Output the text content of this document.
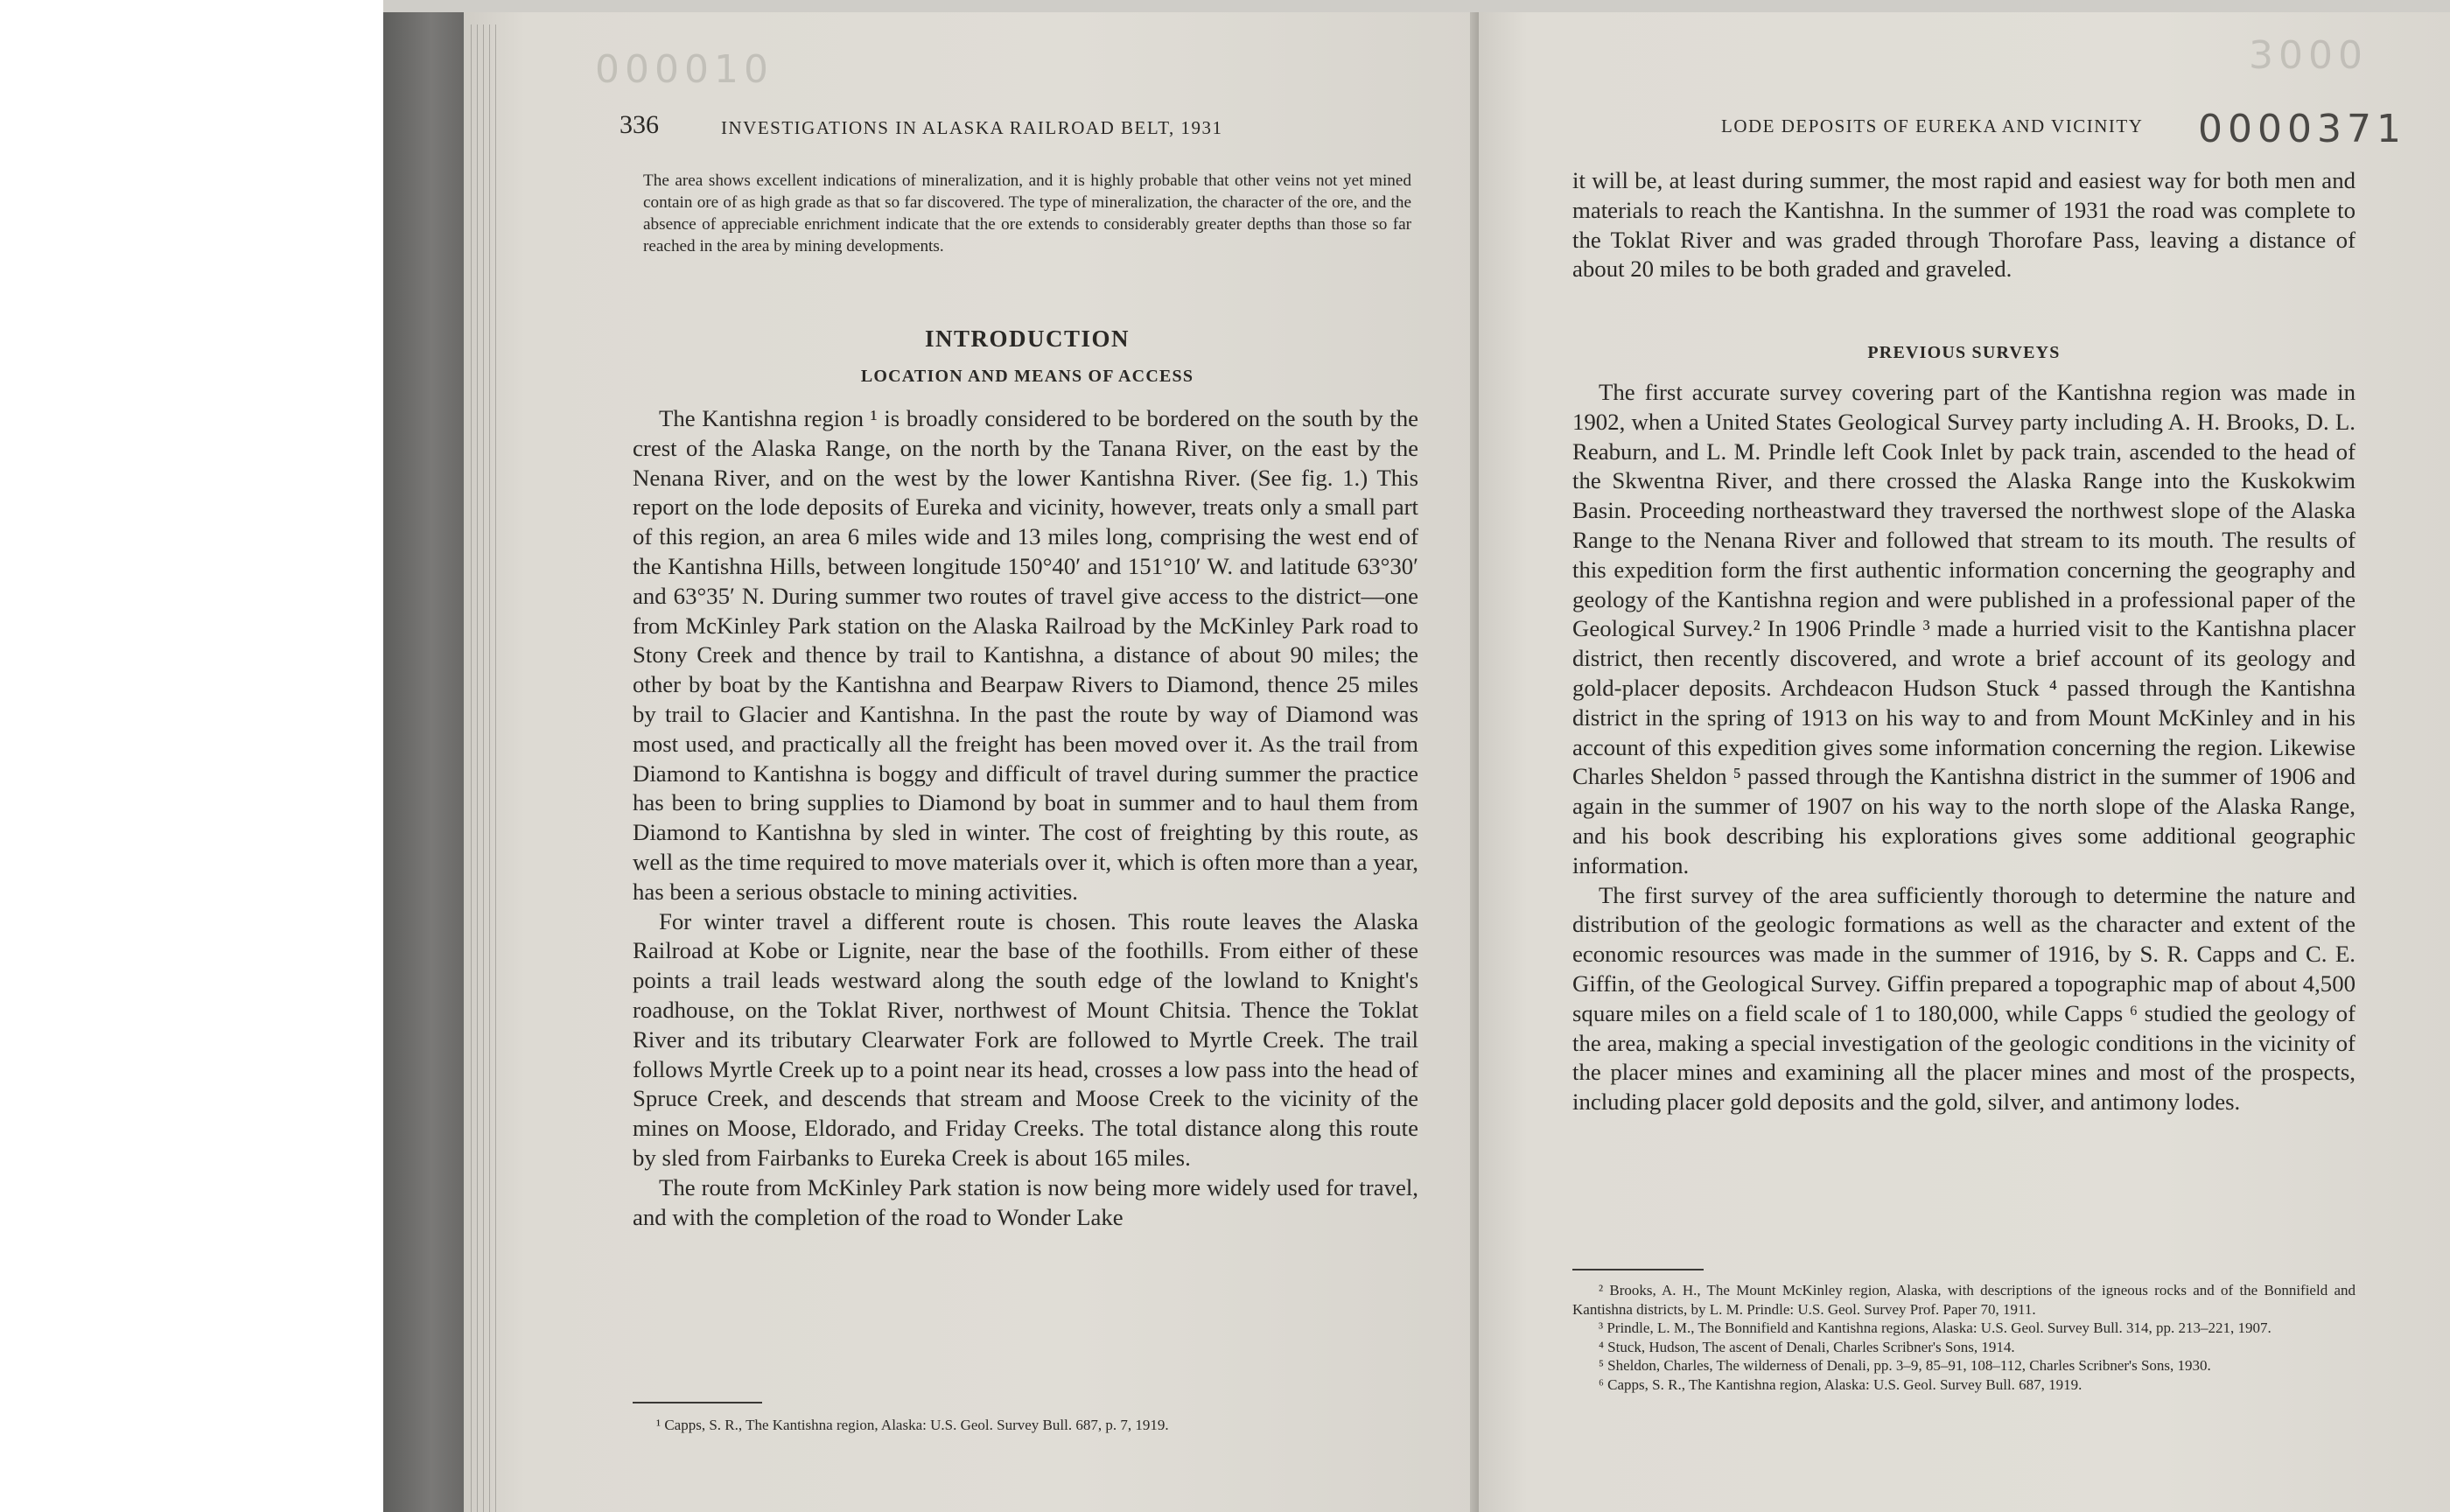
000010
336	INVESTIGATIONS IN ALASKA RAILROAD BELT, 1931

The area shows excellent indications of mineralization, and it is highly probable that other veins not yet mined contain ore of as high grade as that so far discovered. The type of mineralization, the character of the ore, and the absence of appreciable enrichment indicate that the ore extends to considerably greater depths than those so far reached in the area by mining developments.

INTRODUCTION
LOCATION AND MEANS OF ACCESS

The Kantishna region ¹ is broadly considered to be bordered on the south by the crest of the Alaska Range, on the north by the Tanana River, on the east by the Nenana River, and on the west by the lower Kantishna River. (See fig. 1.) This report on the lode deposits of Eureka and vicinity, however, treats only a small part of this region, an area 6 miles wide and 13 miles long, comprising the west end of the Kantishna Hills, between longitude 150°40′ and 151°10′ W. and latitude 63°30′ and 63°35′ N. During summer two routes of travel give access to the district—one from McKinley Park station on the Alaska Railroad by the McKinley Park road to Stony Creek and thence by trail to Kantishna, a distance of about 90 miles; the other by boat by the Kantishna and Bearpaw Rivers to Diamond, thence 25 miles by trail to Glacier and Kantishna. In the past the route by way of Diamond was most used, and practically all the freight has been moved over it. As the trail from Diamond to Kantishna is boggy and difficult of travel during summer the practice has been to bring supplies to Diamond by boat in summer and to haul them from Diamond to Kantishna by sled in winter. The cost of freighting by this route, as well as the time required to move materials over it, which is often more than a year, has been a serious obstacle to mining activities.

For winter travel a different route is chosen. This route leaves the Alaska Railroad at Kobe or Lignite, near the base of the foothills. From either of these points a trail leads westward along the south edge of the lowland to Knight's roadhouse, on the Toklat River, northwest of Mount Chitsia. Thence the Toklat River and its tributary Clearwater Fork are followed to Myrtle Creek. The trail follows Myrtle Creek up to a point near its head, crosses a low pass into the head of Spruce Creek, and descends that stream and Moose Creek to the vicinity of the mines on Moose, Eldorado, and Friday Creeks. The total distance along this route by sled from Fairbanks to Eureka Creek is about 165 miles.

The route from McKinley Park station is now being more widely used for travel, and with the completion of the road to Wonder Lake

¹ Capps, S. R., The Kantishna region, Alaska: U.S. Geol. Survey Bull. 687, p. 7, 1919.

3000
LODE DEPOSITS OF EUREKA AND VICINITY 0000371

it will be, at least during summer, the most rapid and easiest way for both men and materials to reach the Kantishna. In the summer of 1931 the road was complete to the Toklat River and was graded through Thorofare Pass, leaving a distance of about 20 miles to be both graded and graveled.

PREVIOUS SURVEYS

The first accurate survey covering part of the Kantishna region was made in 1902, when a United States Geological Survey party including A. H. Brooks, D. L. Reaburn, and L. M. Prindle left Cook Inlet by pack train, ascended to the head of the Skwentna River, and there crossed the Alaska Range into the Kuskokwim Basin. Proceeding northeastward they traversed the northwest slope of the Alaska Range to the Nenana River and followed that stream to its mouth. The results of this expedition form the first authentic information concerning the geography and geology of the Kantishna region and were published in a professional paper of the Geological Survey.² In 1906 Prindle ³ made a hurried visit to the Kantishna placer district, then recently discovered, and wrote a brief account of its geology and gold-placer deposits. Archdeacon Hudson Stuck ⁴ passed through the Kantishna district in the spring of 1913 on his way to and from Mount McKinley and in his account of this expedition gives some information concerning the region. Likewise Charles Sheldon ⁵ passed through the Kantishna district in the summer of 1906 and again in the summer of 1907 on his way to the north slope of the Alaska Range, and his book describing his explorations gives some additional geographic information.

The first survey of the area sufficiently thorough to determine the nature and distribution of the geologic formations as well as the character and extent of the economic resources was made in the summer of 1916, by S. R. Capps and C. E. Giffin, of the Geological Survey. Giffin prepared a topographic map of about 4,500 square miles on a field scale of 1 to 180,000, while Capps ⁶ studied the geology of the area, making a special investigation of the geologic conditions in the vicinity of the placer mines and examining all the placer mines and most of the prospects, including placer gold deposits and the gold, silver, and antimony lodes.

² Brooks, A. H., The Mount McKinley region, Alaska, with descriptions of the igneous rocks and of the Bonnifield and Kantishna districts, by L. M. Prindle: U.S. Geol. Survey Prof. Paper 70, 1911.

³ Prindle, L. M., The Bonnifield and Kantishna regions, Alaska: U.S. Geol. Survey Bull. 314, pp. 213–221, 1907.

⁴ Stuck, Hudson, The ascent of Denali, Charles Scribner's Sons, 1914.

⁵ Sheldon, Charles, The wilderness of Denali, pp. 3–9, 85–91, 108–112, Charles Scribner's Sons, 1930.

⁶ Capps, S. R., The Kantishna region, Alaska: U.S. Geol. Survey Bull. 687, 1919.
